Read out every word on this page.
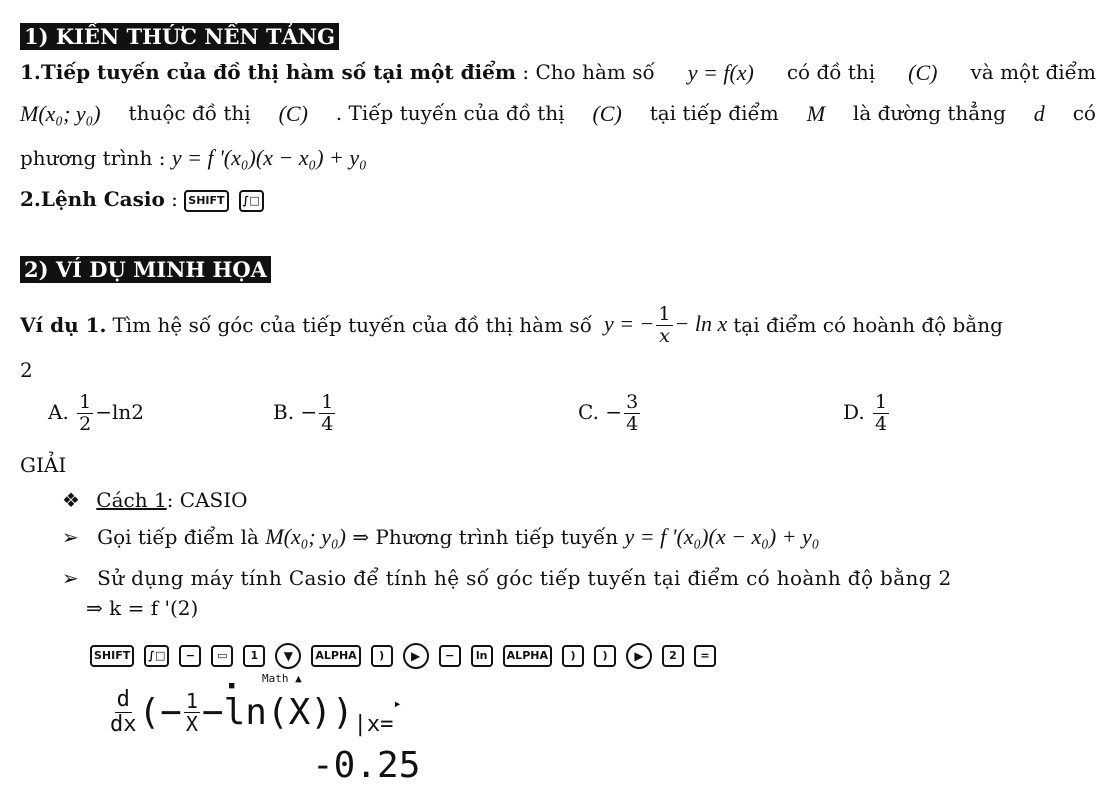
1) KIẾN THỨC NỀN TẢNG
1.Tiếp tuyến của đồ thị hàm số tại một điểm : Cho hàm số y = f(x) có đồ thị (C) và một điểm
M(x₀; y₀) thuộc đồ thị (C) . Tiếp tuyến của đồ thị (C) tại tiếp điểm M là đường thẳng d có
phương trình : y = f '(x₀)(x − x₀) + y₀
2.Lệnh Casio : SHIFT ∫□
2) VÍ DỤ MINH HỌA
Ví dụ 1. Tìm hệ số góc của tiếp tuyến của đồ thị hàm số y = − $\frac{1}{x} - \ln x$ tại điểm có hoành độ bằng
2
A. $\frac{1}{2} -\ln 2$	B. − $\frac{1}{4}$	C. − $\frac{3}{4}$	D. $\frac{1}{4}$
GIẢI
❖ Cách 1: CASIO
➢ Gọi tiếp điểm là M(x₀; y₀) ⇒ Phương trình tiếp tuyến y = f '(x₀)(x − x₀) + y₀
➢ Sử dụng máy tính Casio để tính hệ số góc tiếp tuyến tại điểm có hoành độ bằng 2
⇒ k = f '(2)
SHIFT ∫□ − ▭ 1 ▼ ALPHA ) ▶ − ln ALPHA ) ) ▶ 2 =
■
Math ▲
$\frac{d}{dx}$ (− $\frac{1}{X} -\ln(X)$) |x=
▸
-0.25
